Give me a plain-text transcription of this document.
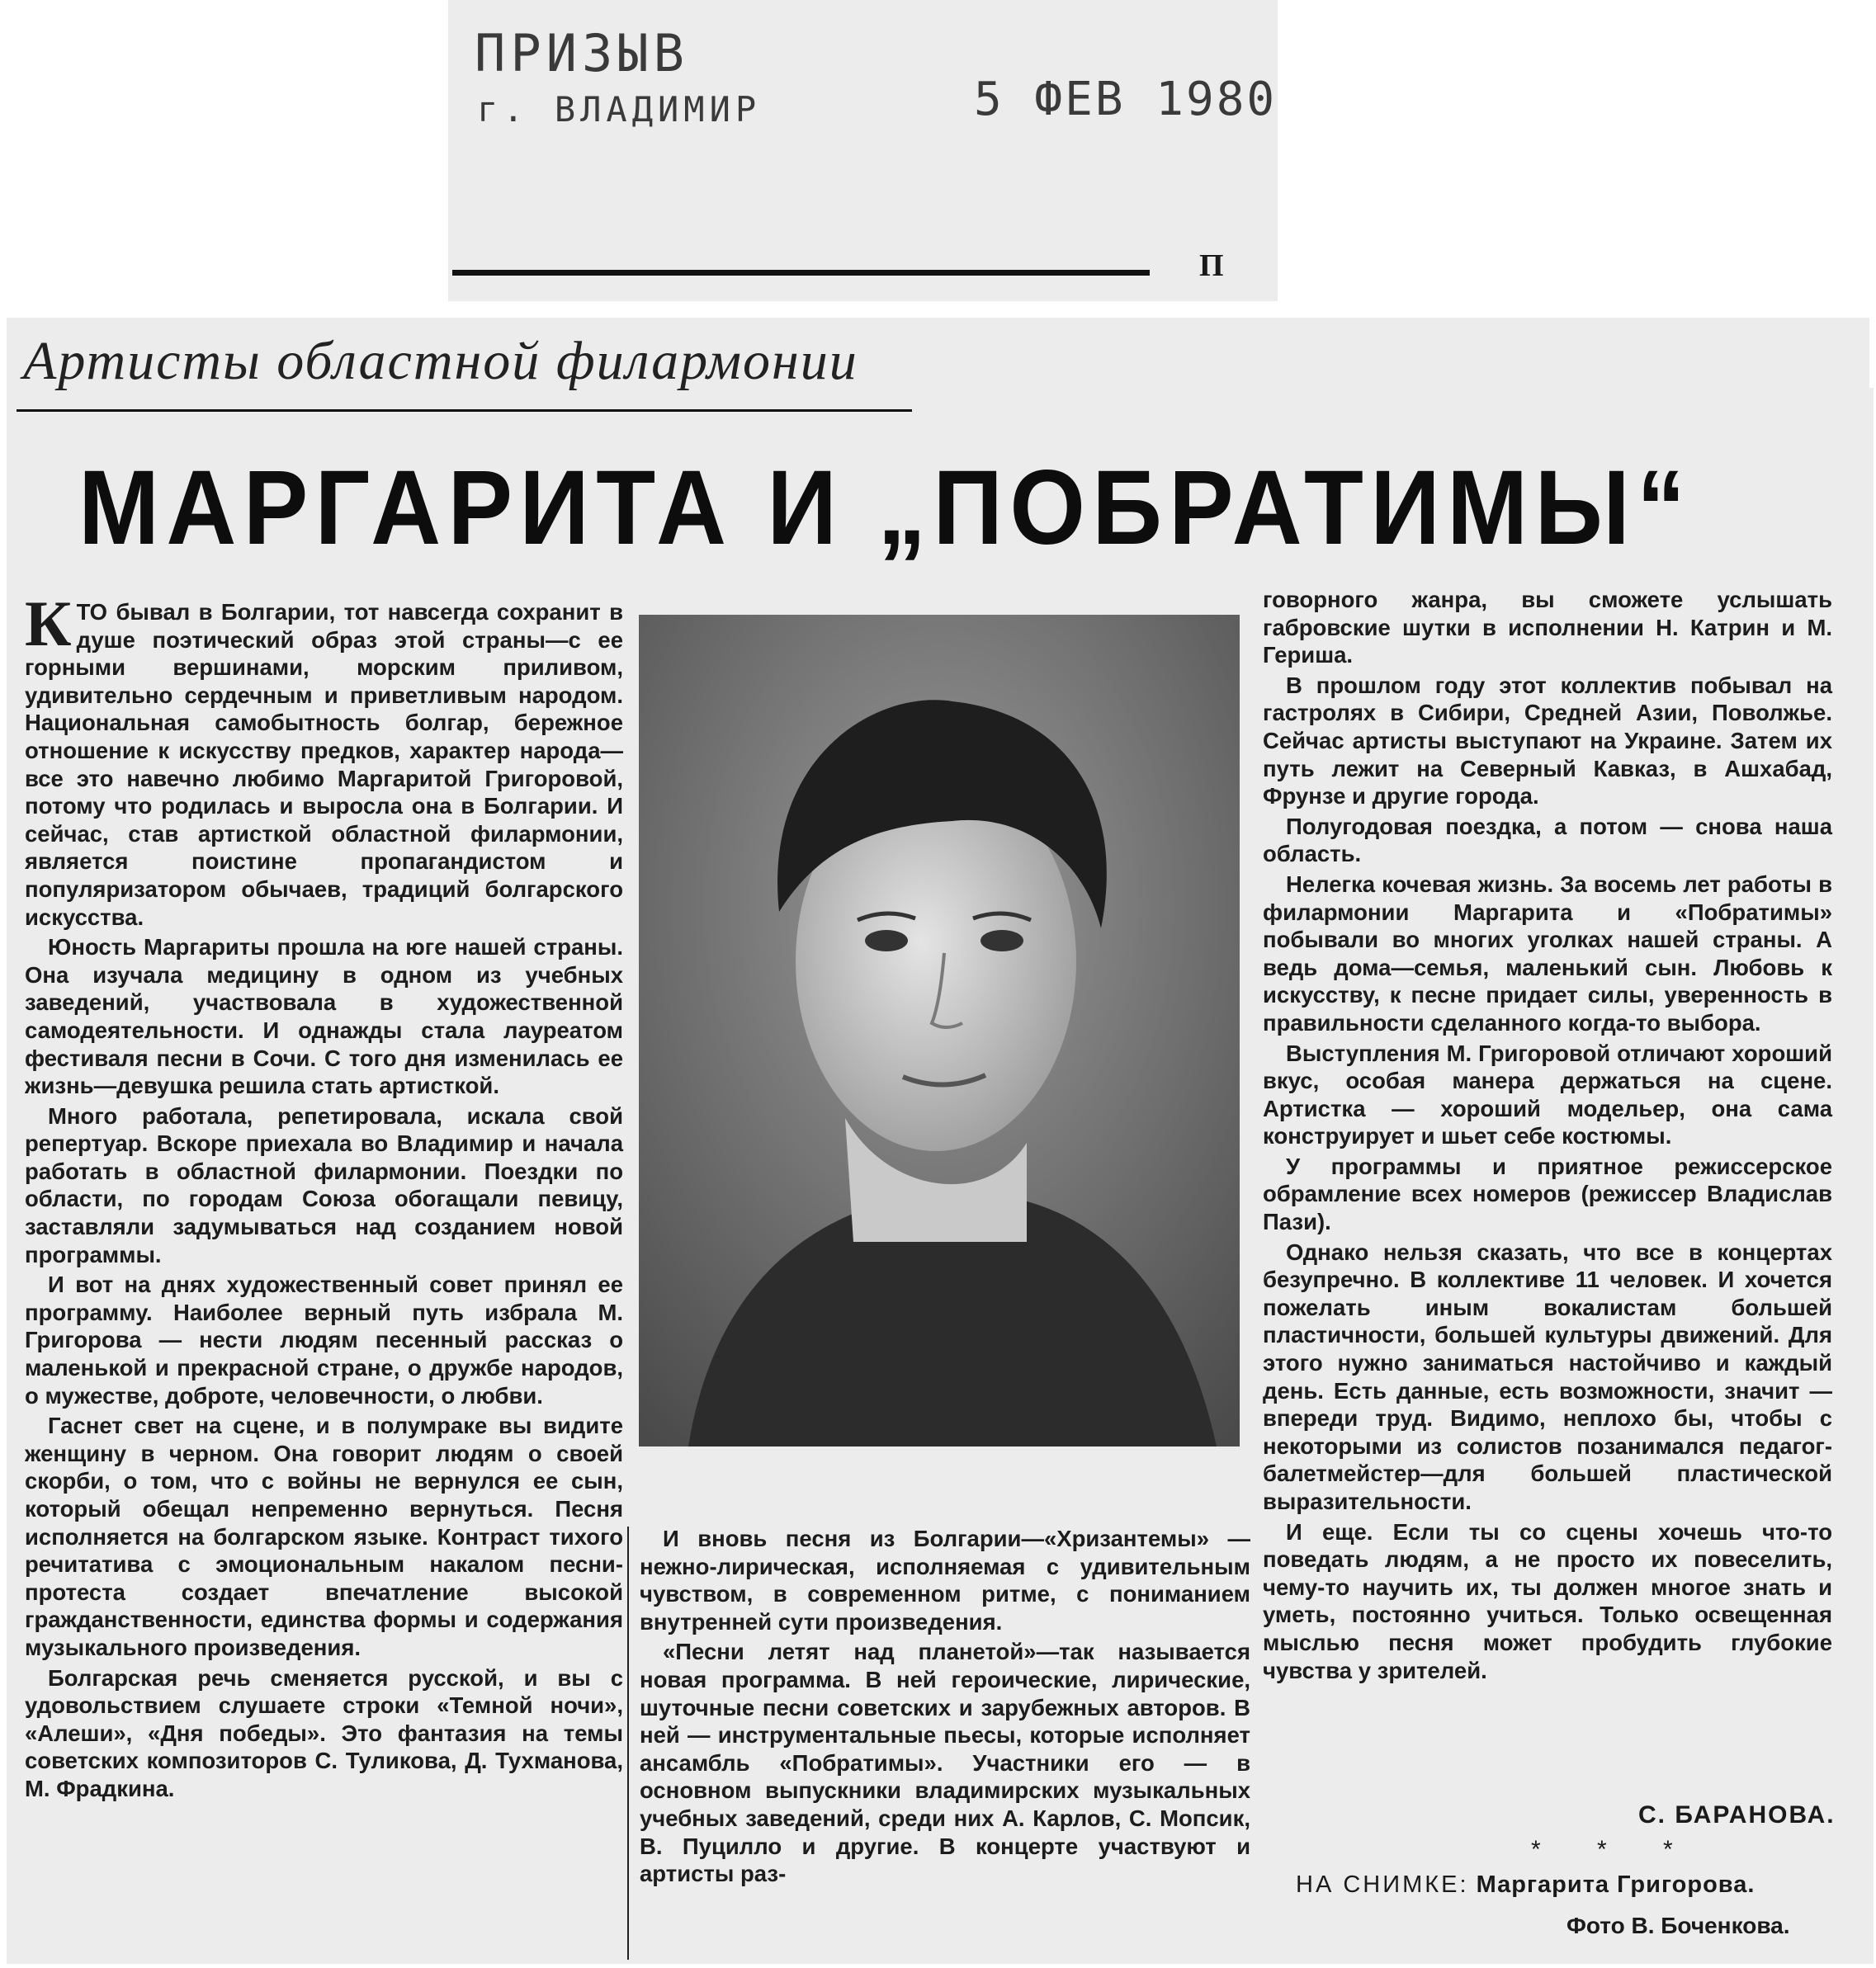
ПРИЗЫВ
г. ВЛАДИМИР	5 ФЕВ 1980
П
Артисты областной филармонии
МАРГАРИТА И „ПОБРАТИМЫ“

КТО бывал в Болгарии, тот навсегда сохранит в душе поэтический образ этой страны—с ее горными вершинами, морским приливом, удивительно сердечным и приветливым народом. Национальная самобытность болгар, бережное отношение к искусству предков, характер народа—все это навечно любимо Маргаритой Григоровой, потому что родилась и выросла она в Болгарии. И сейчас, став артисткой областной филармонии, является поистине пропагандистом и популяризатором обычаев, традиций болгарского искусства.

Юность Маргариты прошла на юге нашей страны. Она изучала медицину в одном из учебных заведений, участвовала в художественной самодеятельности. И однажды стала лауреатом фестиваля песни в Сочи. С того дня изменилась ее жизнь—девушка решила стать артисткой.

Много работала, репетировала, искала свой репертуар. Вскоре приехала во Владимир и начала работать в областной филармонии. Поездки по области, по городам Союза обогащали певицу, заставляли задумываться над созданием новой программы.

И вот на днях художественный совет принял ее программу. Наиболее верный путь избрала М. Григорова — нести людям песенный рассказ о маленькой и прекрасной стране, о дружбе народов, о мужестве, доброте, человечности, о любви.

Гаснет свет на сцене, и в полумраке вы видите женщину в черном. Она говорит людям о своей скорби, о том, что с войны не вернулся ее сын, который обещал непременно вернуться. Песня исполняется на болгарском языке. Контраст тихого речитатива с эмоциональным накалом песни-протеста создает впечатление высокой гражданственности, единства формы и содержания музыкального произведения.

Болгарская речь сменяется русской, и вы с удовольствием слушаете строки «Темной ночи», «Алеши», «Дня победы». Это фантазия на темы советских композиторов С. Туликова, Д. Тухманова, М. Фрадкина.

И вновь песня из Болгарии—«Хризантемы» — нежно-лирическая, исполняемая с удивительным чувством, в современном ритме, с пониманием внутренней сути произведения.

«Песни летят над планетой»—так называется новая программа. В ней героические, лирические, шуточные песни советских и зарубежных авторов. В ней — инструментальные пьесы, которые исполняет ансамбль «Побратимы». Участники его — в основном выпускники владимирских музыкальных учебных заведений, среди них А. Карлов, С. Мопсик, В. Пуцилло и другие. В концерте участвуют и артисты раз-

говорного жанра, вы сможете услышать габровские шутки в исполнении Н. Катрин и М. Гериша.

В прошлом году этот коллектив побывал на гастролях в Сибири, Средней Азии, Поволжье. Сейчас артисты выступают на Украине. Затем их путь лежит на Северный Кавказ, в Ашхабад, Фрунзе и другие города.

Полугодовая поездка, а потом — снова наша область.

Нелегка кочевая жизнь. За восемь лет работы в филармонии Маргарита и «Побратимы» побывали во многих уголках нашей страны. А ведь дома—семья, маленький сын. Любовь к искусству, к песне придает силы, уверенность в правильности сделанного когда-то выбора.

Выступления М. Григоровой отличают хороший вкус, особая манера держаться на сцене. Артистка — хороший модельер, она сама конструирует и шьет себе костюмы.

У программы и приятное режиссерское обрамление всех номеров (режиссер Владислав Пази).

Однако нельзя сказать, что все в концертах безупречно. В коллективе 11 человек. И хочется пожелать иным вокалистам большей пластичности, большей культуры движений. Для этого нужно заниматься настойчиво и каждый день. Есть данные, есть возможности, значит — впереди труд. Видимо, неплохо бы, чтобы с некоторыми из солистов позанимался педагог-балетмейстер—для большей пластической выразительности.

И еще. Если ты со сцены хочешь что-то поведать людям, а не просто их повеселить, чему-то научить их, ты должен многое знать и уметь, постоянно учиться. Только освещенная мыслью песня может пробудить глубокие чувства у зрителей.

С. БАРАНОВА.
* * *
НА СНИМКЕ: Маргарита Григорова.
Фото В. Боченкова.
